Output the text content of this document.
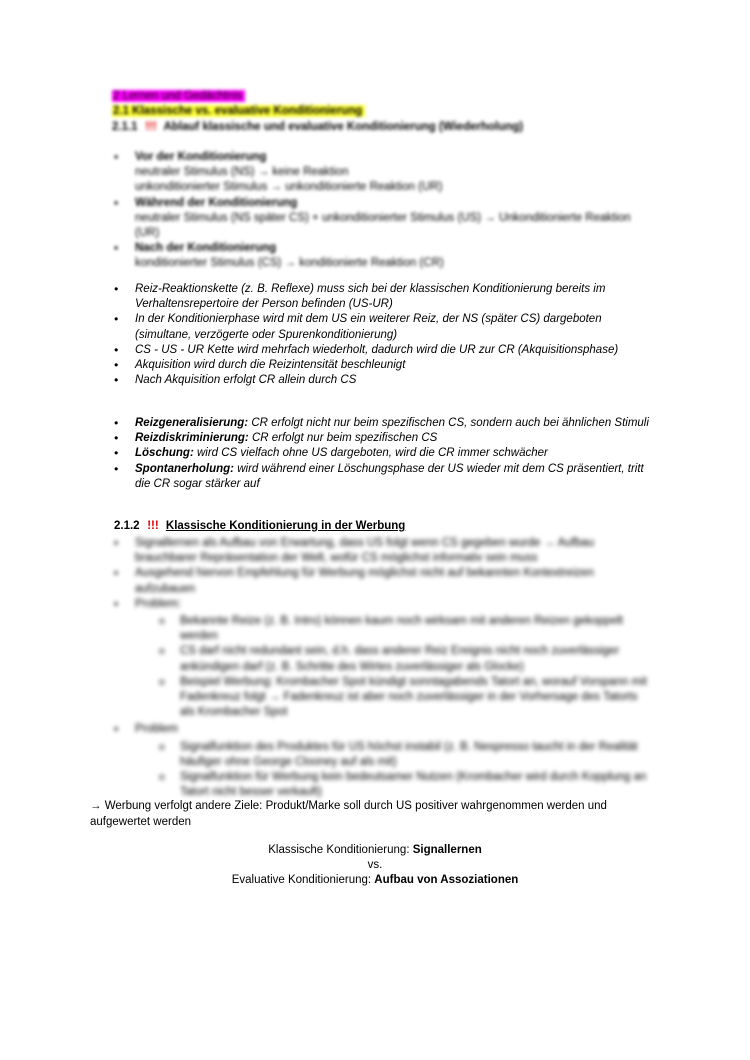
2 Lernen und Gedächtnis
2.1 Klassische vs. evaluative Konditionierung
2.1.1 !!! Ablauf klassische und evaluative Konditionierung (Wiederholung)
• Vor der Konditionierung
neutraler Stimulus (NS) → keine Reaktion
unkonditionierter Stimulus → unkonditionierte Reaktion (UR)
• Während der Konditionierung
neutraler Stimulus (NS später CS) + unkonditionierter Stimulus (US) → Unkonditionierte Reaktion (UR)
• Nach der Konditionierung
konditionierter Stimulus (CS) → konditionierte Reaktion (CR)
• Reiz-Reaktionskette (z. B. Reflexe) muss sich bei der klassischen Konditionierung bereits im Verhaltensrepertoire der Person befinden (US-UR)
• In der Konditionierphase wird mit dem US ein weiterer Reiz, der NS (später CS) dargeboten (simultane, verzögerte oder Spurenkonditionierung)
• CS - US - UR Kette wird mehrfach wiederholt, dadurch wird die UR zur CR (Akquisitionsphase)
• Akquisition wird durch die Reizintensität beschleunigt
• Nach Akquisition erfolgt CR allein durch CS
• Reizgeneralisierung: CR erfolgt nicht nur beim spezifischen CS, sondern auch bei ähnlichen Stimuli
• Reizdiskriminierung: CR erfolgt nur beim spezifischen CS
• Löschung: wird CS vielfach ohne US dargeboten, wird die CR immer schwächer
• Spontanerholung: wird während einer Löschungsphase der US wieder mit dem CS präsentiert, tritt die CR sogar stärker auf
2.1.2 !!! Klassische Konditionierung in der Werbung
• Signallernen als Aufbau von Erwartung, dass US folgt wenn CS gegeben wurde → Aufbau brauchbarer Repräsentation der Welt, wofür CS möglichst informativ sein muss
• Ausgehend hiervon Empfehlung für Werbung möglichst nicht auf bekannten Kontextreizen aufzubauen
• Problem:
o Bekannte Reize (z. B. Intro) können kaum noch wirksam mit anderen Reizen gekoppelt werden
o CS darf nicht redundant sein, d.h. dass anderer Reiz Ereignis nicht noch zuverlässiger ankündigen darf (z. B. Schritte des Wirtes zuverlässiger als Glocke)
o Beispiel Werbung: Krombacher Spot kündigt sonntagabends Tatort an, worauf Vorspann mit Fadenkreuz folgt → Fadenkreuz ist aber noch zuverlässiger in der Vorhersage des Tatorts als Krombacher Spot
• Problem
o Signalfunktion des Produktes für US höchst instabil (z. B. Nespresso taucht in der Realität häufiger ohne George Clooney auf als mit)
o Signalfunktion für Werbung kein bedeutsamer Nutzen (Krombacher wird durch Kopplung an Tatort nicht besser verkauft)
→ Werbung verfolgt andere Ziele: Produkt/Marke soll durch US positiver wahrgenommen werden und aufgewertet werden
Klassische Konditionierung: Signallernen
vs.
Evaluative Konditionierung: Aufbau von Assoziationen
